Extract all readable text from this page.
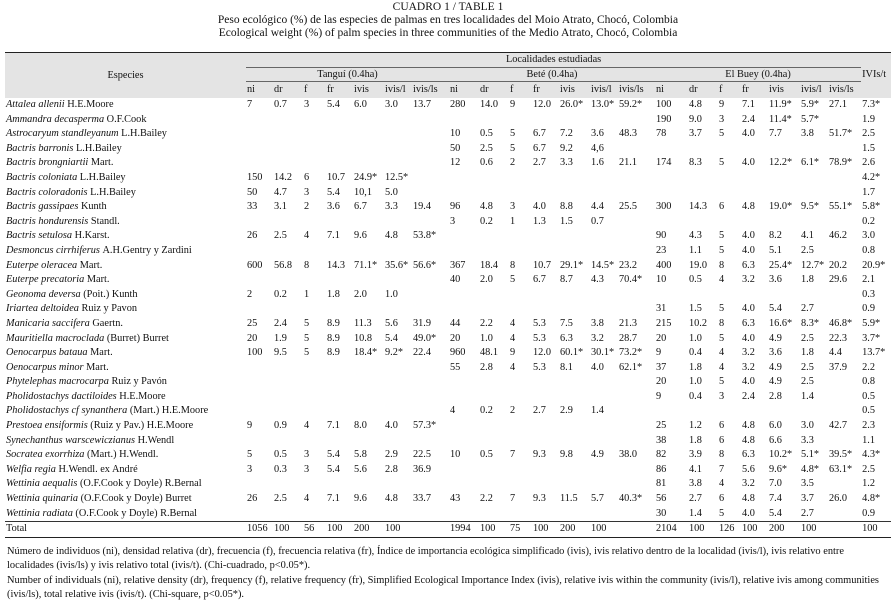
CUADRO 1 / TABLE 1
Peso ecológico (%) de las especies de palmas en tres localidades del Moio Atrato, Chocó, Colombia
Ecological weight (%) of palm species in three communities of the Medio Atrato, Chocó, Colombia
Especies	Localidades estudiadas																					
	Tanguí (0.4ha)							Beté (0.4ha)							El Buey (0.4ha)							IVIs/t
	ni	dr	f	fr	ivis	ivis/l	ivis/ls	ni	dr	f	fr	ivis	ivis/l	ivis/ls	ni	dr	f	fr	ivis	ivis/l	ivis/ls	
Attalea allenii H.E.Moore	7	0.7	3	5.4	6.0	3.0	13.7	280	14.0	9	12.0	26.0*	13.0*	59.2*	100	4.8	9	7.1	11.9*	5.9*	27.1	7.3*
Ammandra decasperma O.F.Cook															190	9.0	3	2.4	11.4*	5.7*		1.9
Astrocaryum standleyanum L.H.Bailey								10	0.5	5	6.7	7.2	3.6	48.3	78	3.7	5	4.0	7.7	3.8	51.7*	2.5
Bactris barronis L.H.Bailey								50	2.5	5	6.7	9.2	4,6									1.5
Bactris brongniartii Mart.								12	0.6	2	2.7	3.3	1.6	21.1	174	8.3	5	4.0	12.2*	6.1*	78.9*	2.6
Bactris coloniata L.H.Bailey	150	14.2	6	10.7	24.9*	12.5*																4.2*
Bactris coloradonis L.H.Bailey	50	4.7	3	5.4	10,1	5.0																1.7
Bactris gassipaes Kunth	33	3.1	2	3.6	6.7	3.3	19.4	96	4.8	3	4.0	8.8	4.4	25.5	300	14.3	6	4.8	19.0*	9.5*	55.1*	5.8*
Bactris hondurensis Standl.								3	0.2	1	1.3	1.5	0.7									0.2
Bactris setulosa H.Karst.	26	2.5	4	7.1	9.6	4.8	53.8*								90	4.3	5	4.0	8.2	4.1	46.2	3.0
Desmoncus cirrhiferus A.H.Gentry y Zardini															23	1.1	5	4.0	5.1	2.5		0.8
Euterpe oleracea Mart.	600	56.8	8	14.3	71.1*	35.6*	56.6*	367	18.4	8	10.7	29.1*	14.5*	23.2	400	19.0	8	6.3	25.4*	12.7*	20.2	20.9*
Euterpe precatoria Mart.								40	2.0	5	6.7	8.7	4.3	70.4*	10	0.5	4	3.2	3.6	1.8	29.6	2.1
Geonoma deversa (Poit.) Kunth	2	0.2	1	1.8	2.0	1.0																0.3
Iriartea deltoidea Ruiz y Pavon															31	1.5	5	4.0	5.4	2.7		0.9
Manicaria saccifera Gaertn.	25	2.4	5	8.9	11.3	5.6	31.9	44	2.2	4	5.3	7.5	3.8	21.3	215	10.2	8	6.3	16.6*	8.3*	46.8*	5.9*
Mauritiella macroclada (Burret) Burret	20	1.9	5	8.9	10.8	5.4	49.0*	20	1.0	4	5.3	6.3	3.2	28.7	20	1.0	5	4.0	4.9	2.5	22.3	3.7*
Oenocarpus bataua Mart.	100	9.5	5	8.9	18.4*	9.2*	22.4	960	48.1	9	12.0	60.1*	30.1*	73.2*	9	0.4	4	3.2	3.6	1.8	4.4	13.7*
Oenocarpus minor Mart.								55	2.8	4	5.3	8.1	4.0	62.1*	37	1.8	4	3.2	4.9	2.5	37.9	2.2
Phytelephas macrocarpa Ruiz y Pavón															20	1.0	5	4.0	4.9	2.5		0.8
Pholidostachys dactiloides H.E.Moore															9	0.4	3	2.4	2.8	1.4		0.5
Pholidostachys cf synanthera (Mart.) H.E.Moore								4	0.2	2	2.7	2.9	1.4									0.5
Prestoea ensiformis (Ruiz y Pav.) H.E.Moore	9	0.9	4	7.1	8.0	4.0	57.3*								25	1.2	6	4.8	6.0	3.0	42.7	2.3
Synechanthus warscewiczianus H.Wendl															38	1.8	6	4.8	6.6	3.3		1.1
Socratea exorrhiza (Mart.) H.Wendl.	5	0.5	3	5.4	5.8	2.9	22.5	10	0.5	7	9.3	9.8	4.9	38.0	82	3.9	8	6.3	10.2*	5.1*	39.5*	4.3*
Welfia regia H.Wendl. ex André	3	0.3	3	5.4	5.6	2.8	36.9								86	4.1	7	5.6	9.6*	4.8*	63.1*	2.5
Wettinia aequalis (O.F.Cook y Doyle) R.Bernal															81	3.8	4	3.2	7.0	3.5		1.2
Wettinia quinaria (O.F.Cook y Doyle) Burret	26	2.5	4	7.1	9.6	4.8	33.7	43	2.2	7	9.3	11.5	5.7	40.3*	56	2.7	6	4.8	7.4	3.7	26.0	4.8*
Wettinia radiata (O.F.Cook y Doyle) R.Bernal															30	1.4	5	4.0	5.4	2.7		0.9
Total	1056	100	56	100	200	100		1994	100	75	100	200	100		2104	100	126	100	200	100		100
Número de individuos (ni), densidad relativa (dr), frecuencia (f), frecuencia relativa (fr), Índice de importancia ecológica simplificado (ivis), ivis relativo dentro de la localidad (ivis/l), ivis relativo entre localidades (ivis/ls) y ivis relativo total (ivis/t). (Chi-cuadrado, p<0.05*).
Number of individuals (ni), relative density (dr), frequency (f), relative frequency (fr), Simplified Ecological Importance Index (ivis), relative ivis within the community (ivis/l), relative ivis among communities (ivis/ls), total relative ivis (ivis/t). (Chi-square, p<0.05*).
